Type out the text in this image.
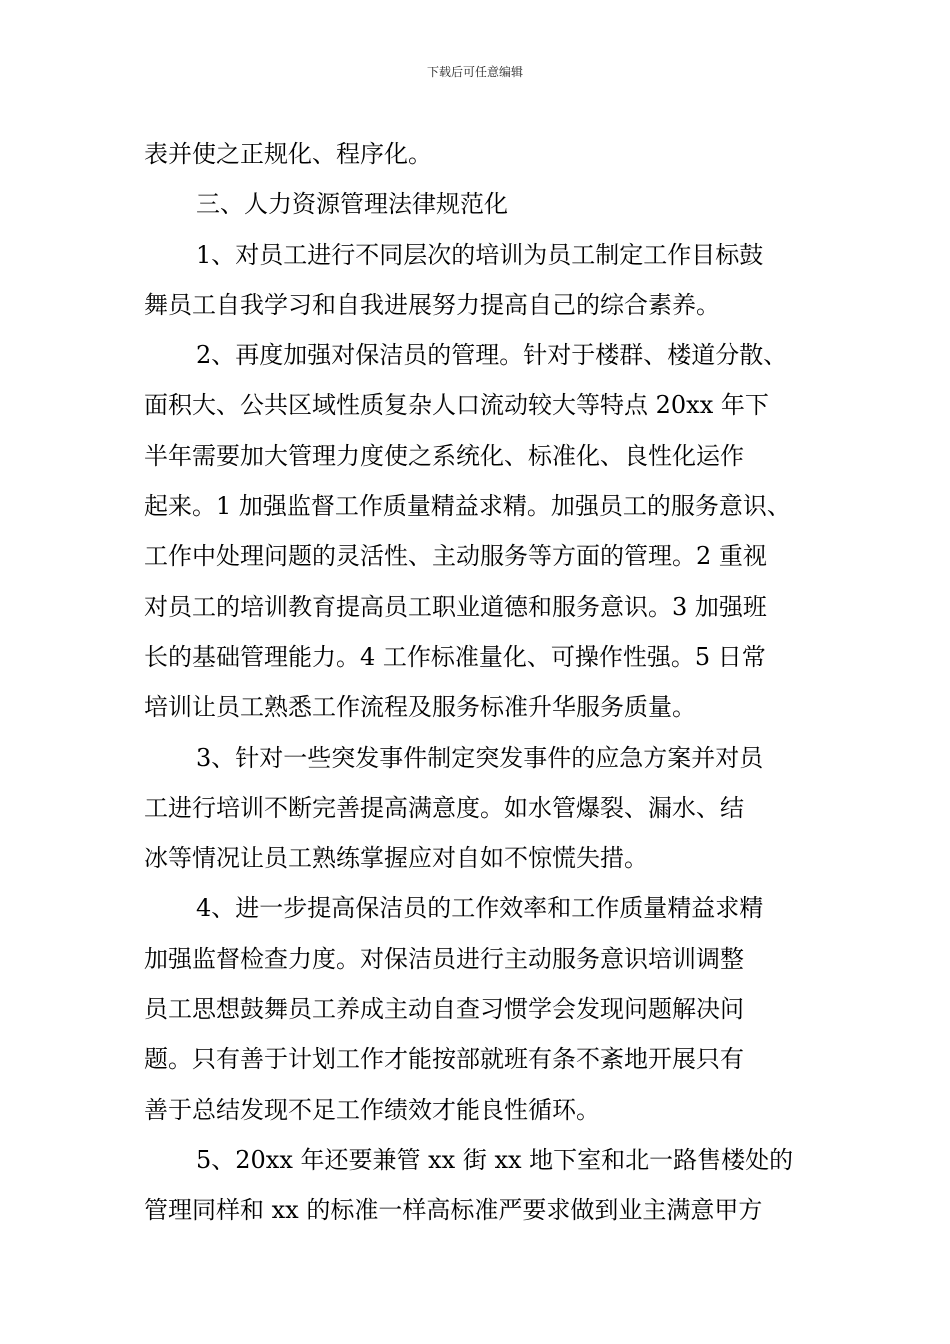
下载后可任意编辑
表并使之正规化、程序化。
三、人力资源管理法律规范化
1、对员工进行不同层次的培训为员工制定工作目标鼓
舞员工自我学习和自我进展努力提高自己的综合素养。
2、再度加强对保洁员的管理。针对于楼群、楼道分散、
面积大、公共区域性质复杂人口流动较大等特点 20xx 年下
半年需要加大管理力度使之系统化、标准化、良性化运作
起来。1 加强监督工作质量精益求精。加强员工的服务意识、
工作中处理问题的灵活性、主动服务等方面的管理。2 重视
对员工的培训教育提高员工职业道德和服务意识。3 加强班
长的基础管理能力。4 工作标准量化、可操作性强。5 日常
培训让员工熟悉工作流程及服务标准升华服务质量。
3、针对一些突发事件制定突发事件的应急方案并对员
工进行培训不断完善提高满意度。如水管爆裂、漏水、结
冰等情况让员工熟练掌握应对自如不惊慌失措。
4、进一步提高保洁员的工作效率和工作质量精益求精
加强监督检查力度。对保洁员进行主动服务意识培训调整
员工思想鼓舞员工养成主动自查习惯学会发现问题解决问
题。只有善于计划工作才能按部就班有条不紊地开展只有
善于总结发现不足工作绩效才能良性循环。
5、20xx 年还要兼管 xx 街 xx 地下室和北一路售楼处的
管理同样和 xx 的标准一样高标准严要求做到业主满意甲方
